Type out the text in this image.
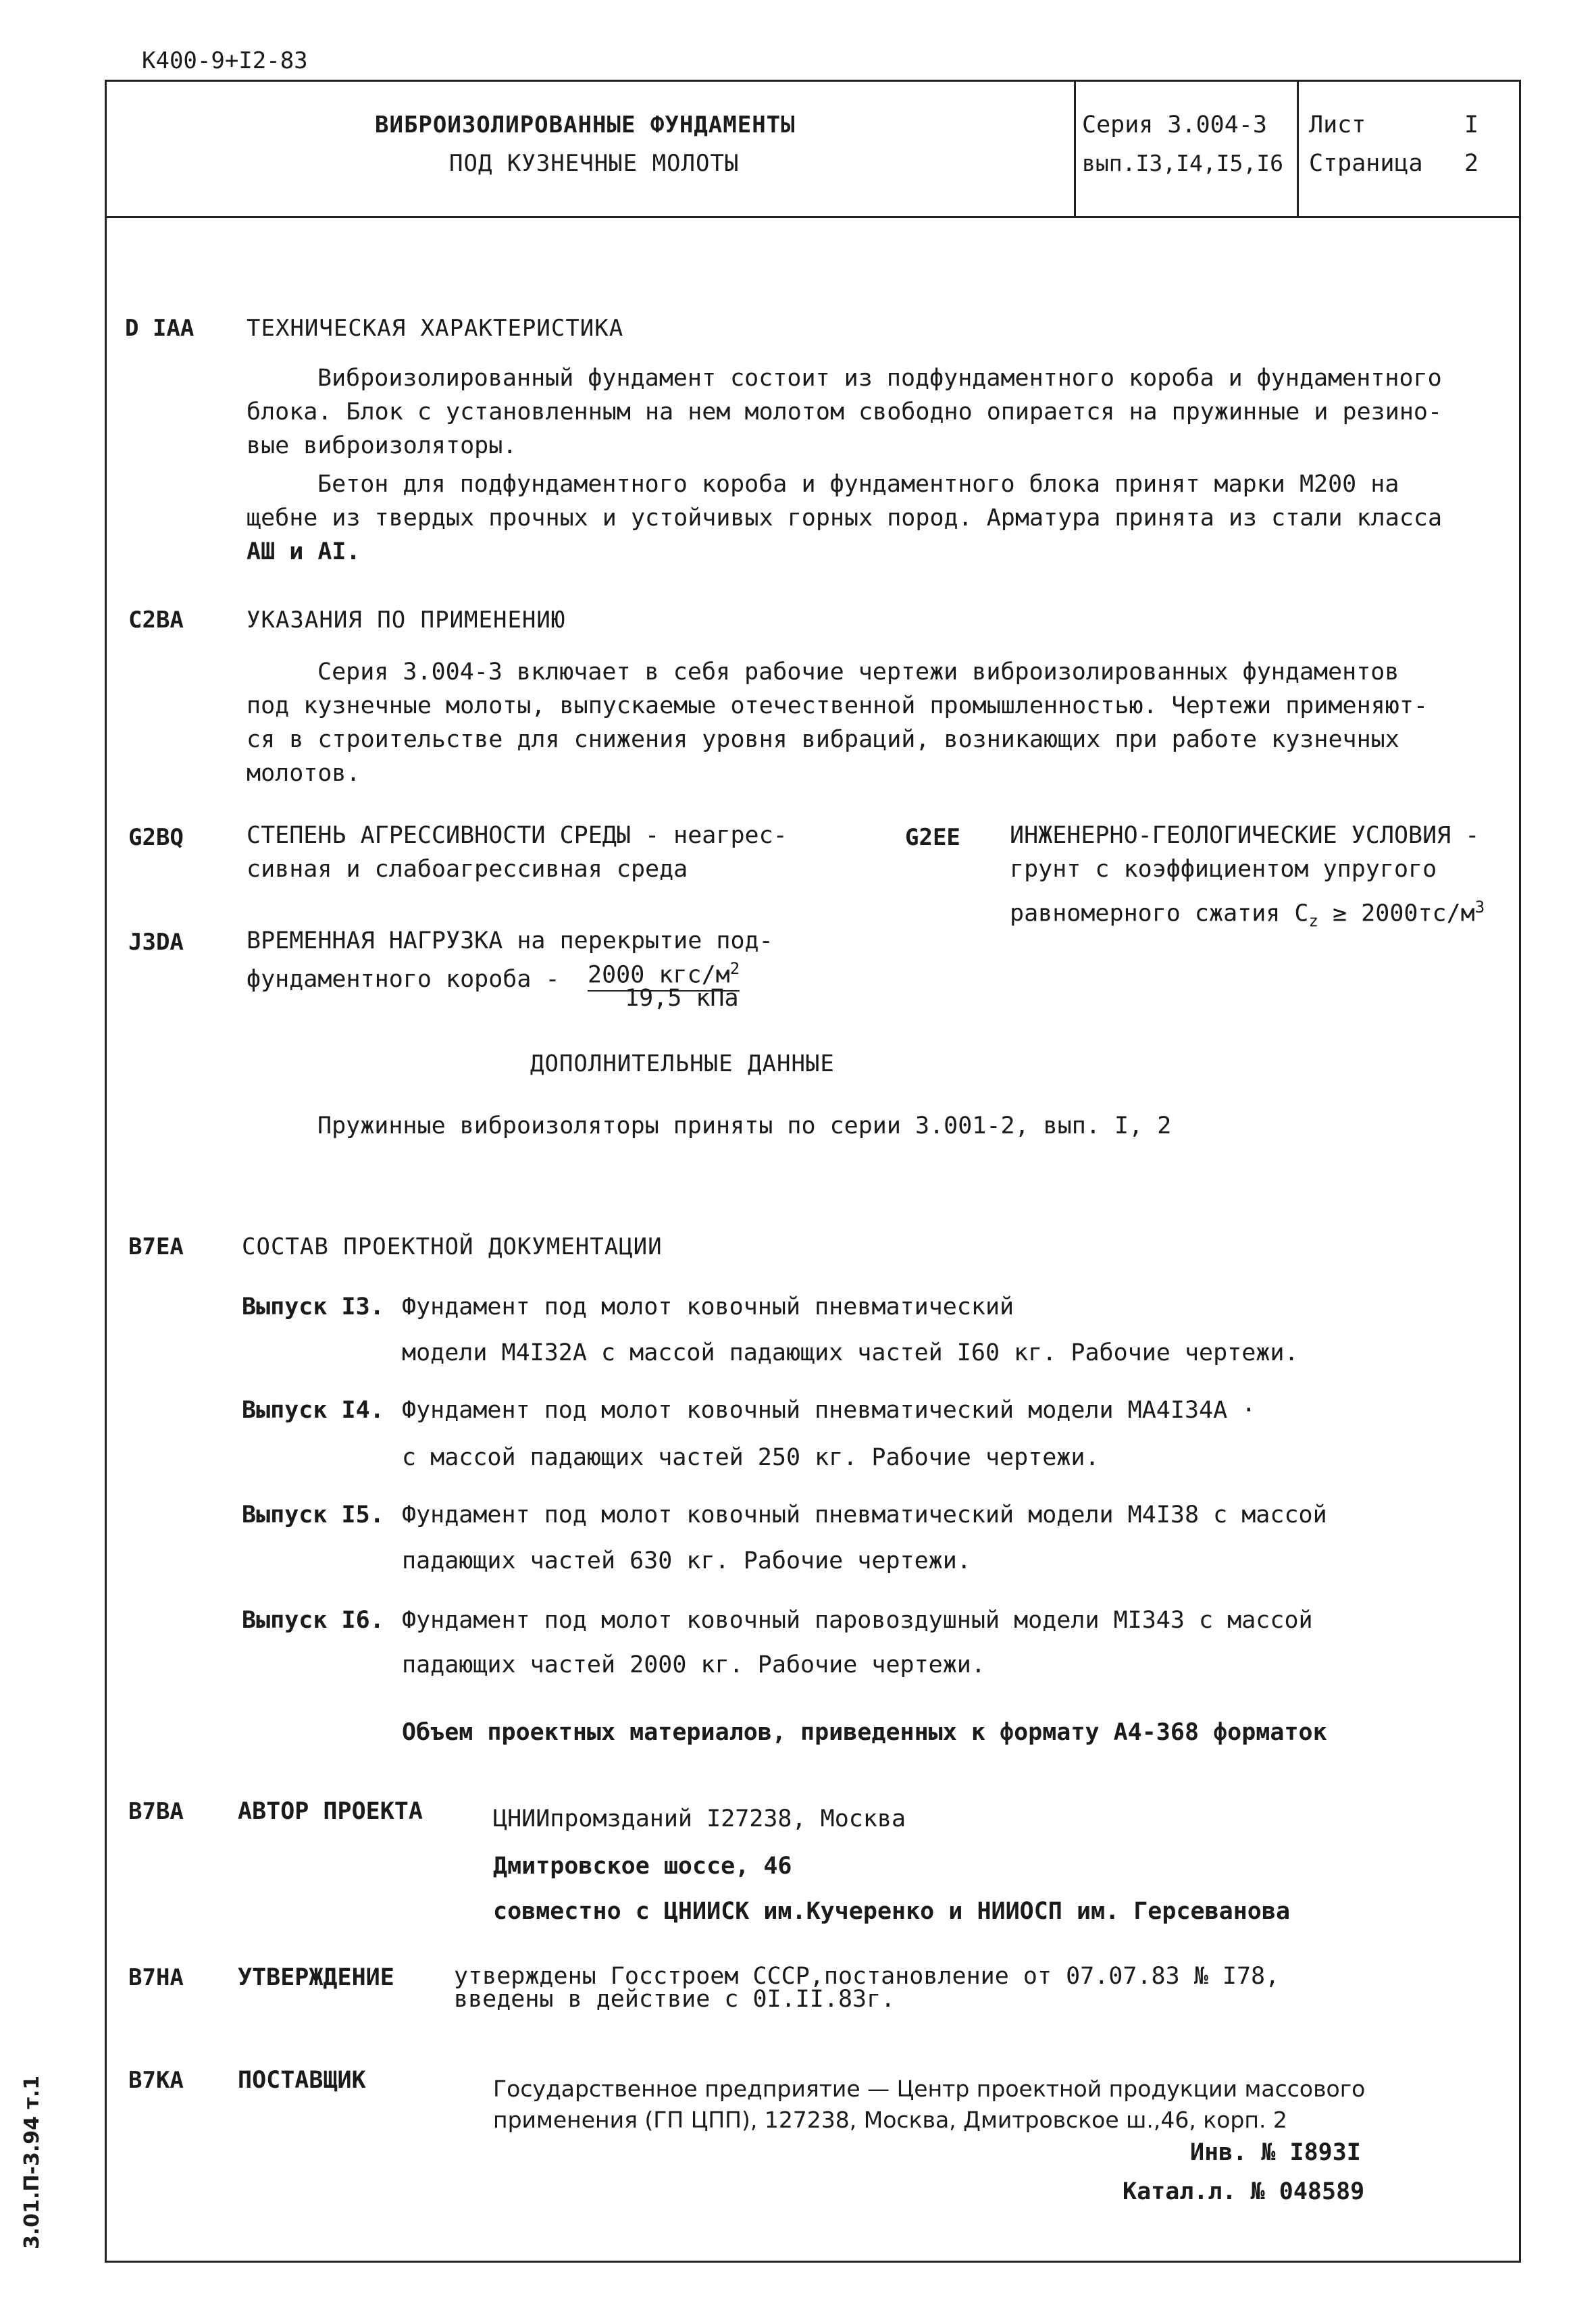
К400-9+I2-83
ВИБРОИЗОЛИРОВАННЫЕ ФУНДАМЕНТЫ
ПОД КУЗНЕЧНЫЕ МОЛОТЫ
Серия 3.004-3
вып.I3,I4,I5,I6
Лист	I
Страница 2
D IAA ТЕХНИЧЕСКАЯ ХАРАКТЕРИСТИКА
Виброизолированный фундамент состоит из подфундаментного короба и фундаментного
блока. Блок с установленным на нем молотом свободно опирается на пружинные и резино-
вые виброизоляторы.
Бетон для подфундаментного короба и фундаментного блока принят марки М200 на
щебне из твердых прочных и устойчивых горных пород. Арматура принята из стали класса
АШ и АI.
C2BA	УКАЗАНИЯ ПО ПРИМЕНЕНИЮ
Серия 3.004-3 включает в себя рабочие чертежи виброизолированных фундаментов
под кузнечные молоты, выпускаемые отечественной промышленностью. Чертежи применяют-
ся в строительстве для снижения уровня вибраций, возникающих при работе кузнечных
молотов.
G2BQ	СТЕПЕНЬ АГРЕССИВНОСТИ СРЕДЫ - неагрес-
сивная и слабоагрессивная среда
G2EE ИНЖЕНЕРНО-ГЕОЛОГИЧЕСКИЕ УСЛОВИЯ -
грунт с коэффициентом упругого
равномерного сжатия $C_z \ge 2000тс/м^3$
J3DA	ВРЕМЕННАЯ НАГРУЗКА на перекрытие под-
фундаментного короба - 2000 кгс/$м^2$
19,5 кПа
ДОПОЛНИТЕЛЬНЫЕ ДАННЫЕ
Пружинные виброизоляторы приняты по серии 3.001-2, вып. I, 2
B7EA	СОСТАВ ПРОЕКТНОЙ ДОКУМЕНТАЦИИ
Выпуск I3. Фундамент под молот ковочный пневматический
модели М4I32А с массой падающих частей I60 кг. Рабочие чертежи.
Выпуск I4. Фундамент под молот ковочный пневматический модели МА4I34А ·
с массой падающих частей 250 кг. Рабочие чертежи.
Выпуск I5. Фундамент под молот ковочный пневматический модели М4I38 с массой
падающих частей 630 кг. Рабочие чертежи.
Выпуск I6. Фундамент под молот ковочный паровоздушный модели МI343 с массой
падающих частей 2000 кг. Рабочие чертежи.
Объем проектных материалов, приведенных к формату А4-368 форматок
B7BA АВТОР ПРОЕКТА	ЦНИИпромзданий I27238, Москва
Дмитровское шоссе, 46
совместно с ЦНИИСК им.Кучеренко и НИИОСП им. Герсеванова
B7HA УТВЕРЖДЕНИЕ	утверждены Госстроем СССР,постановление от 07.07.83 № I78,
введены в действие с 0I.II.83г.
B7KA ПОСТАВЩИК	Государственное предприятие — Центр проектной продукции массового
применения (ГП ЦПП), 127238, Москва, Дмитровское ш.,46, корп. 2
Инв. № I893I
Катал.л. № 048589
3.01.П-3.94 т.1
